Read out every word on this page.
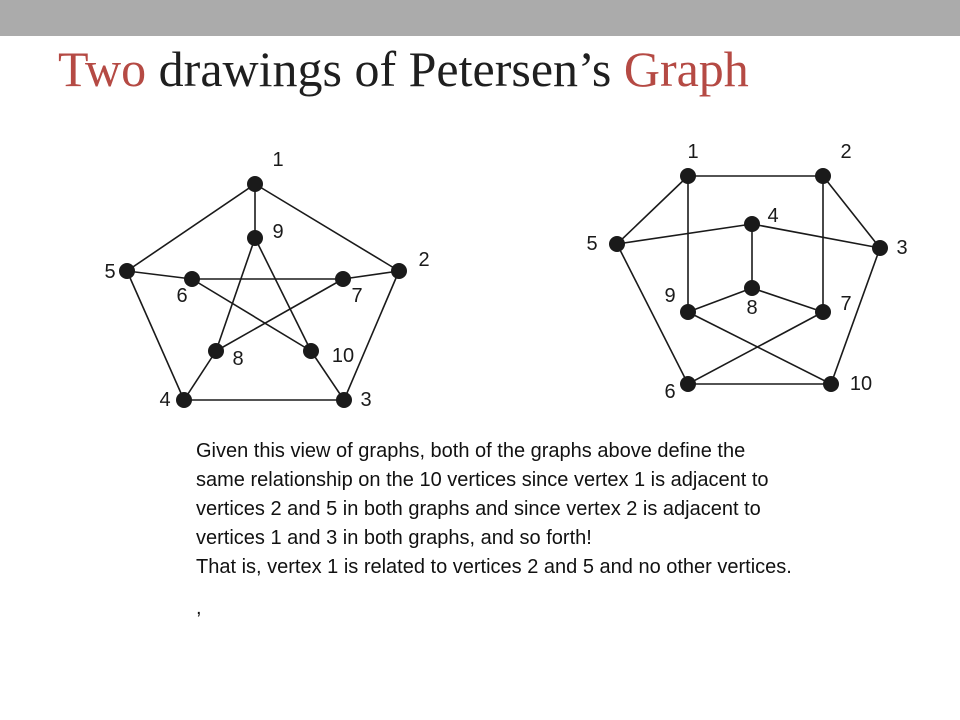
Two drawings of Petersen’s Graph
1
2
3
4
5
6	7
8
9
10
1	2
3
4
5
6
7
8
9
10

Given this view of graphs, both of the graphs above define the same relationship on the 10 vertices since vertex 1 is adjacent to vertices 2 and 5 in both graphs and since vertex 2 is adjacent to vertices 1 and 3 in both graphs, and so forth!

That is, vertex 1 is related to vertices 2 and 5 and no other vertices.

,
